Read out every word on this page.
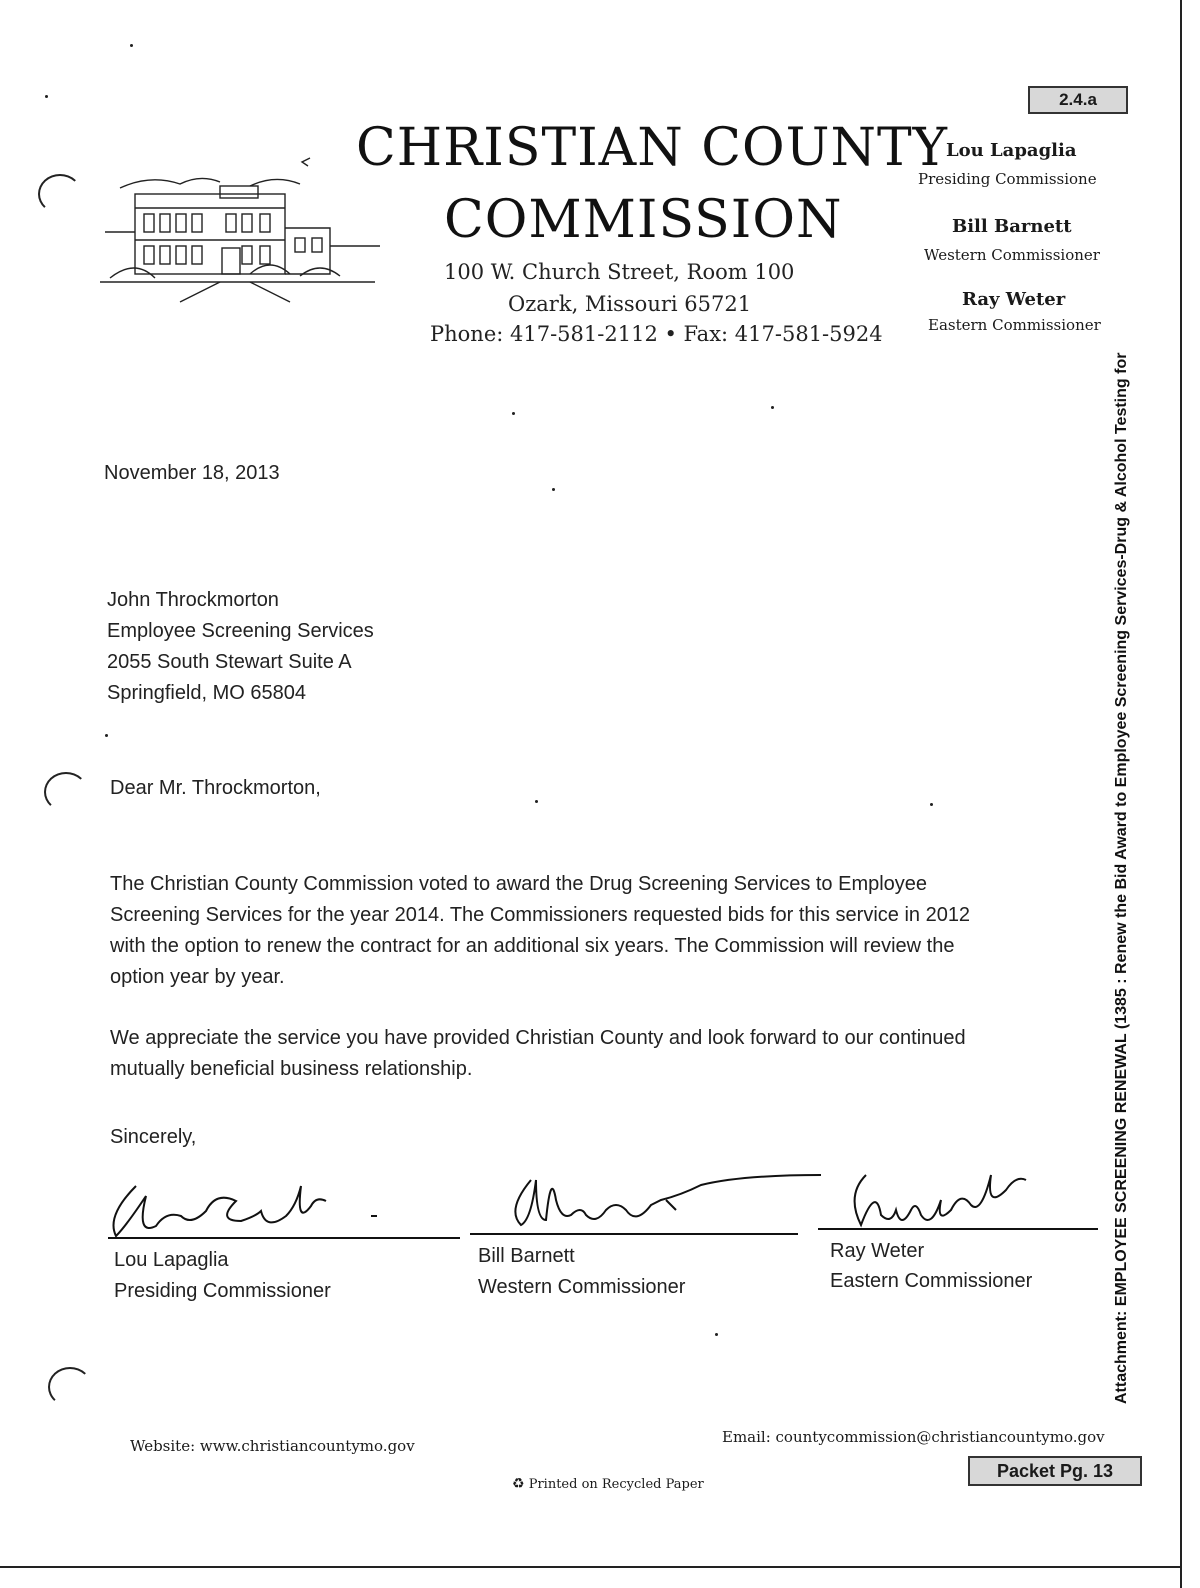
2.4.a
CHRISTIAN COUNTY
COMMISSION
100 W. Church Street, Room 100
Ozark, Missouri 65721
Phone: 417-581-2112 • Fax: 417-581-5924
Lou Lapaglia
Presiding Commissione
Bill Barnett
Western Commissioner
Ray Weter
Eastern Commissioner
Attachment: EMPLOYEE SCREENING RENEWAL (1385 : Renew the Bid Award to Employee Screening Services-Drug & Alcohol Testing for
November 18, 2013
John Throckmorton
Employee Screening Services
2055 South Stewart Suite A
Springfield, MO 65804
Dear Mr. Throckmorton,
The Christian County Commission voted to award the Drug Screening Services to Employee
Screening Services for the year 2014. The Commissioners requested bids for this service in 2012
with the option to renew the contract for an additional six years. The Commission will review the
option year by year.
We appreciate the service you have provided Christian County and look forward to our continued
mutually beneficial business relationship.
Sincerely,
Lou Lapaglia
Presiding Commissioner
Bill Barnett
Western Commissioner
Ray Weter
Eastern Commissioner
Website: www.christiancountymo.gov	Email: countycommission@christiancountymo.gov
♻ Printed on Recycled Paper
Packet Pg. 13
